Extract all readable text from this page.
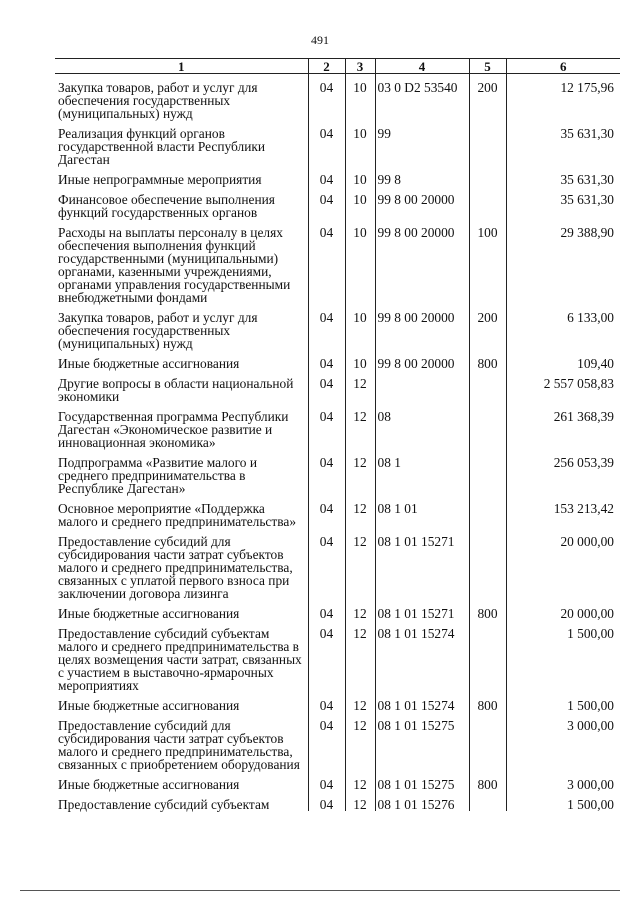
491
1	2	3	4	5	6
Закупка товаров, работ и услуг для обеспечения государственных (муниципальных) нужд	04	10	03 0 D2 53540	200	12 175,96
Реализация функций органов государственной власти Республики Дагестан	04	10	99		35 631,30
Иные непрограммные мероприятия	04	10	99 8		35 631,30
Финансовое обеспечение выполнения функций государственных органов	04	10	99 8 00 20000		35 631,30
Расходы на выплаты персоналу в целях обеспечения выполнения функций государственными (муниципальными) органами, казенными учреждениями, органами управления государственными внебюджетными фондами	04	10	99 8 00 20000	100	29 388,90
Закупка товаров, работ и услуг для обеспечения государственных (муниципальных) нужд	04	10	99 8 00 20000	200	6 133,00
Иные бюджетные ассигнования	04	10	99 8 00 20000	800	109,40
Другие вопросы в области национальной экономики	04	12			2 557 058,83
Государственная программа Республики Дагестан «Экономическое развитие и инновационная экономика»	04	12	08		261 368,39
Подпрограмма «Развитие малого и среднего предпринимательства в Республике Дагестан»	04	12	08 1		256 053,39
Основное мероприятие «Поддержка малого и среднего предпринимательства»	04	12	08 1 01		153 213,42
Предоставление субсидий для субсидирования части затрат субъектов малого и среднего предпринимательства, связанных с уплатой первого взноса при заключении договора лизинга	04	12	08 1 01 15271		20 000,00
Иные бюджетные ассигнования	04	12	08 1 01 15271	800	20 000,00
Предоставление субсидий субъектам малого и среднего предпринимательства в целях возмещения части затрат, связанных с участием в выставочно-ярмарочных мероприятиях	04	12	08 1 01 15274		1 500,00
Иные бюджетные ассигнования	04	12	08 1 01 15274	800	1 500,00
Предоставление субсидий для субсидирования части затрат субъектов малого и среднего предпринимательства, связанных с приобретением оборудования	04	12	08 1 01 15275		3 000,00
Иные бюджетные ассигнования	04	12	08 1 01 15275	800	3 000,00
Предоставление субсидий субъектам	04	12	08 1 01 15276		1 500,00
